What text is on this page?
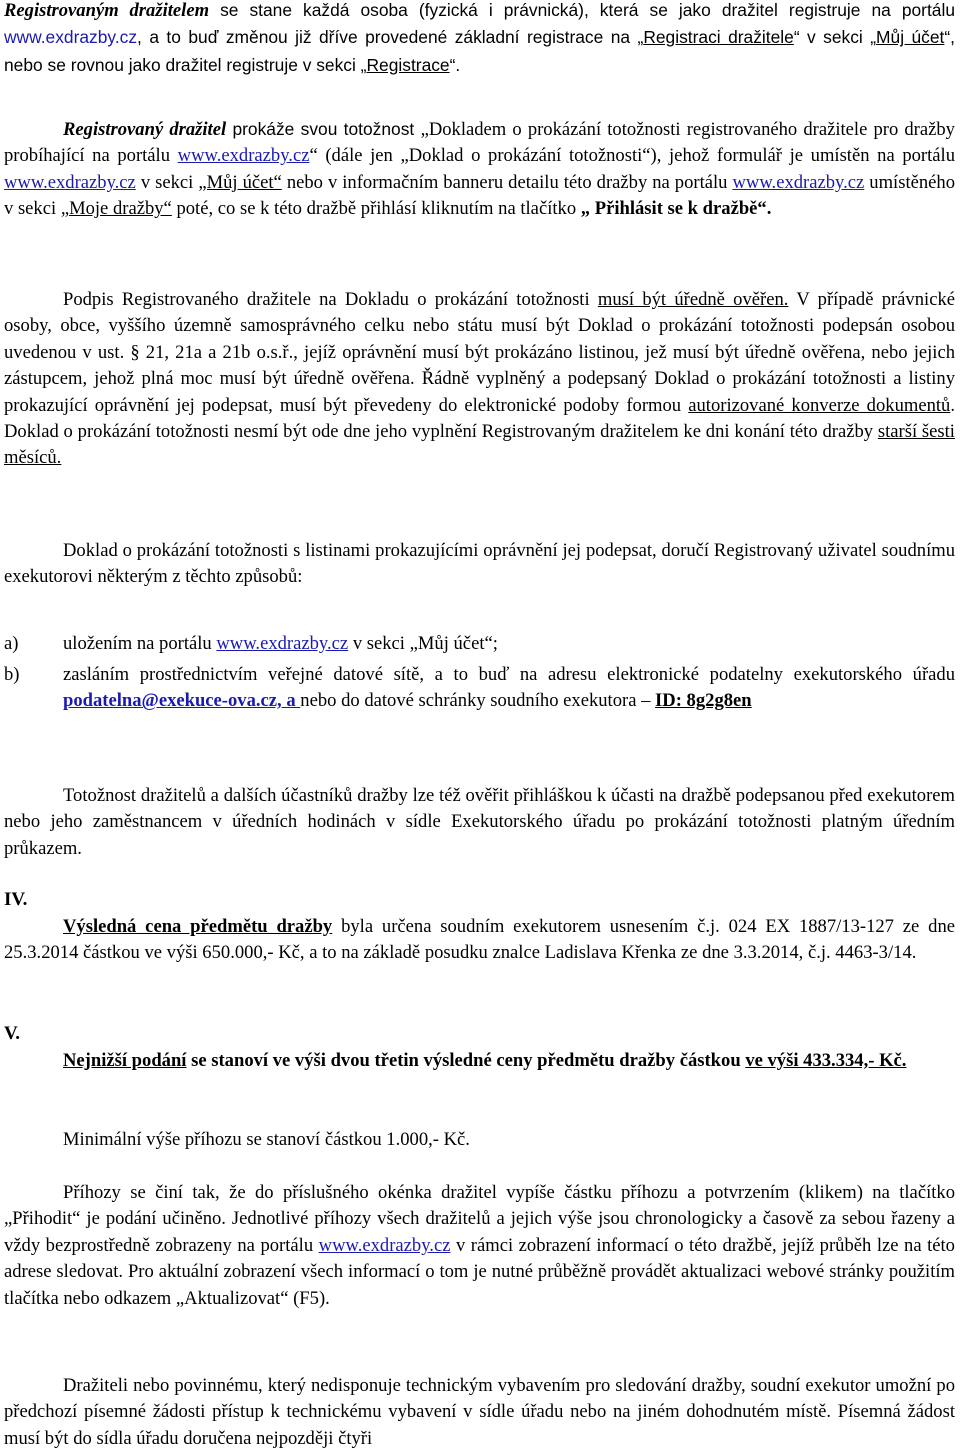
Registrovaným dražitelem se stane každá osoba (fyzická i právnická), která se jako dražitel registruje na portálu www.exdrazby.cz, a to buď změnou již dříve provedené základní registrace na „Registraci dražitele“ v sekci „Můj účet“, nebo se rovnou jako dražitel registruje v sekci „Registrace“.

Registrovaný dražitel prokáže svou totožnost „Dokladem o prokázání totožnosti registrovaného dražitele pro dražby probíhající na portálu www.exdrazby.cz“ (dále jen „Doklad o prokázání totožnosti“), jehož formulář je umístěn na portálu www.exdrazby.cz v sekci „Můj účet“ nebo v informačním banneru detailu této dražby na portálu www.exdrazby.cz umístěného v sekci „Moje dražby“ poté, co se k této dražbě přihlásí kliknutím na tlačítko „ Přihlásit se k dražbě“.

Podpis Registrovaného dražitele na Dokladu o prokázání totožnosti musí být úředně ověřen. V případě právnické osoby, obce, vyššího územně samosprávného celku nebo státu musí být Doklad o prokázání totožnosti podepsán osobou uvedenou v ust. § 21, 21a a 21b o.s.ř., jejíž oprávnění musí být prokázáno listinou, jež musí být úředně ověřena, nebo jejich zástupcem, jehož plná moc musí být úředně ověřena. Řádně vyplněný a podepsaný Doklad o prokázání totožnosti a listiny prokazující oprávnění jej podepsat, musí být převedeny do elektronické podoby formou autorizované konverze dokumentů. Doklad o prokázání totožnosti nesmí být ode dne jeho vyplnění Registrovaným dražitelem ke dni konání této dražby starší šesti měsíců.

Doklad o prokázání totožnosti s listinami prokazujícími oprávnění jej podepsat, doručí Registrovaný uživatel soudnímu exekutorovi některým z těchto způsobů:

a) uložením na portálu www.exdrazby.cz v sekci „Můj účet“;
b) zasláním prostřednictvím veřejné datové sítě, a to buď na adresu elektronické podatelny exekutorského úřadu podatelna@exekuce-ova.cz, a nebo do datové schránky soudního exekutora – ID: 8g2g8en

Totožnost dražitelů a dalších účastníků dražby lze též ověřit přihláškou k účasti na dražbě podepsanou před exekutorem nebo jeho zaměstnancem v úředních hodinách v sídle Exekutorského úřadu po prokázání totožnosti platným úředním průkazem.

IV.

Výsledná cena předmětu dražby byla určena soudním exekutorem usnesením č.j. 024 EX 1887/13-127 ze dne 25.3.2014 částkou ve výši 650.000,- Kč, a to na základě posudku znalce Ladislava Křenka ze dne 3.3.2014, č.j. 4463-3/14.

V.

Nejnižší podání se stanoví ve výši dvou třetin výsledné ceny předmětu dražby částkou ve výši 433.334,- Kč.

Minimální výše příhozu se stanoví částkou 1.000,- Kč.

Příhozy se činí tak, že do příslušného okénka dražitel vypíše částku příhozu a potvrzením (klikem) na tlačítko „Přihodit“ je podání učiněno. Jednotlivé příhozy všech dražitelů a jejich výše jsou chronologicky a časově za sebou řazeny a vždy bezprostředně zobrazeny na portálu www.exdrazby.cz v rámci zobrazení informací o této dražbě, jejíž průběh lze na této adrese sledovat. Pro aktuální zobrazení všech informací o tom je nutné průběžně provádět aktualizaci webové stránky použitím tlačítka nebo odkazem „Aktualizovat“ (F5).

Dražiteli nebo povinnému, který nedisponuje technickým vybavením pro sledování dražby, soudní exekutor umožní po předchozí písemné žádosti přístup k technickému vybavení v sídle úřadu nebo na jiném dohodnutém místě. Písemná žádost musí být do sídla úřadu doručena nejpozději čtyři
